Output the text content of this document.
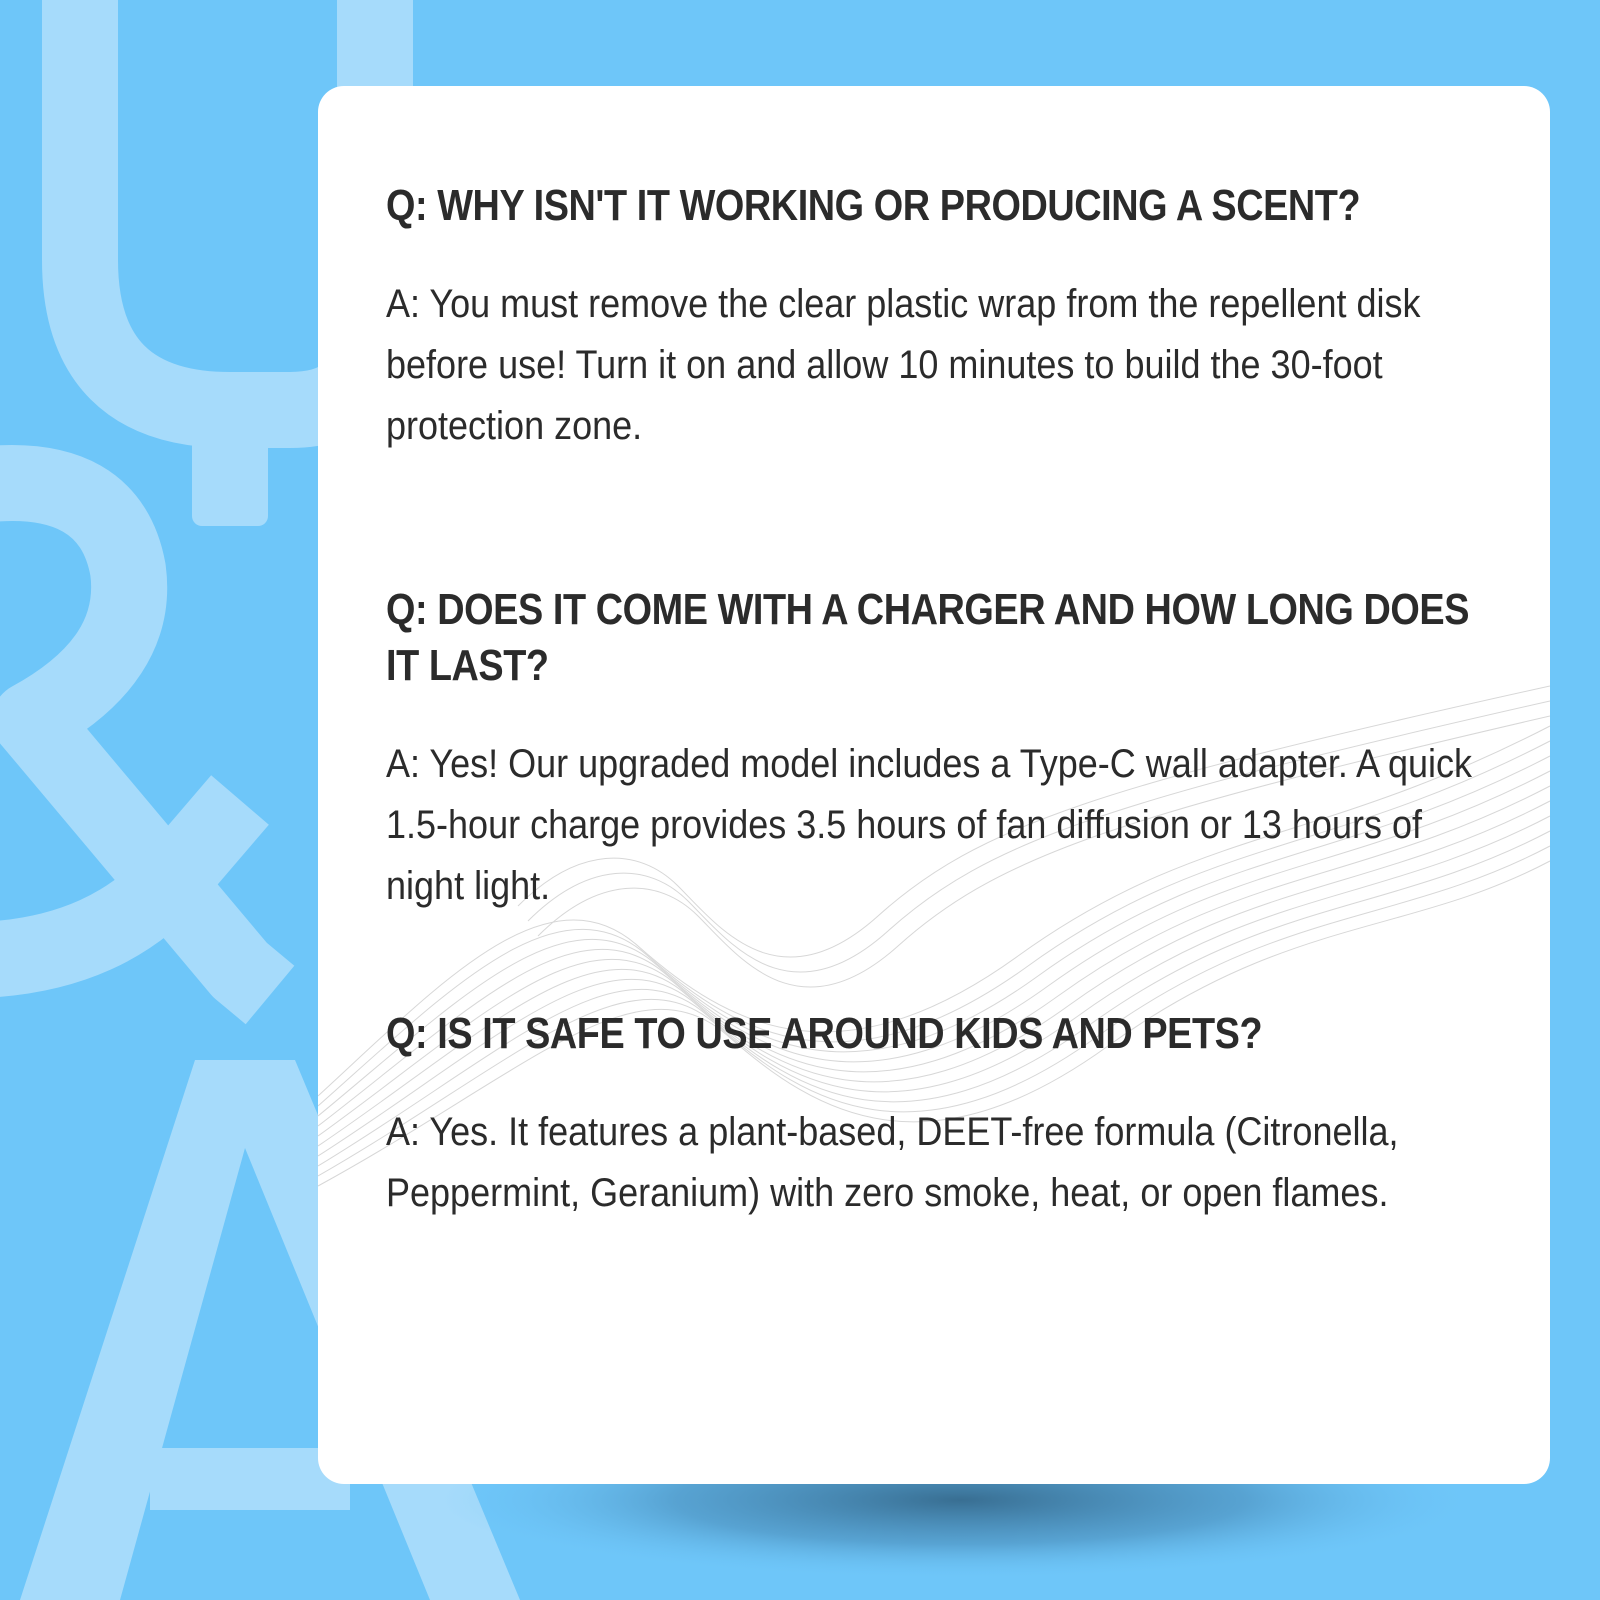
Q: WHY ISN'T IT WORKING OR PRODUCING A SCENT?

A: You must remove the clear plastic wrap from the repellent disk before use! Turn it on and allow 10 minutes to build the 30-foot protection zone.

Q: DOES IT COME WITH A CHARGER AND HOW LONG DOES IT LAST?

A: Yes! Our upgraded model includes a Type-C wall adapter. A quick 1.5-hour charge provides 3.5 hours of fan diffusion or 13 hours of night light.

Q: IS IT SAFE TO USE AROUND KIDS AND PETS?

A: Yes. It features a plant-based, DEET-free formula (Citronella, Peppermint, Geranium) with zero smoke, heat, or open flames.
